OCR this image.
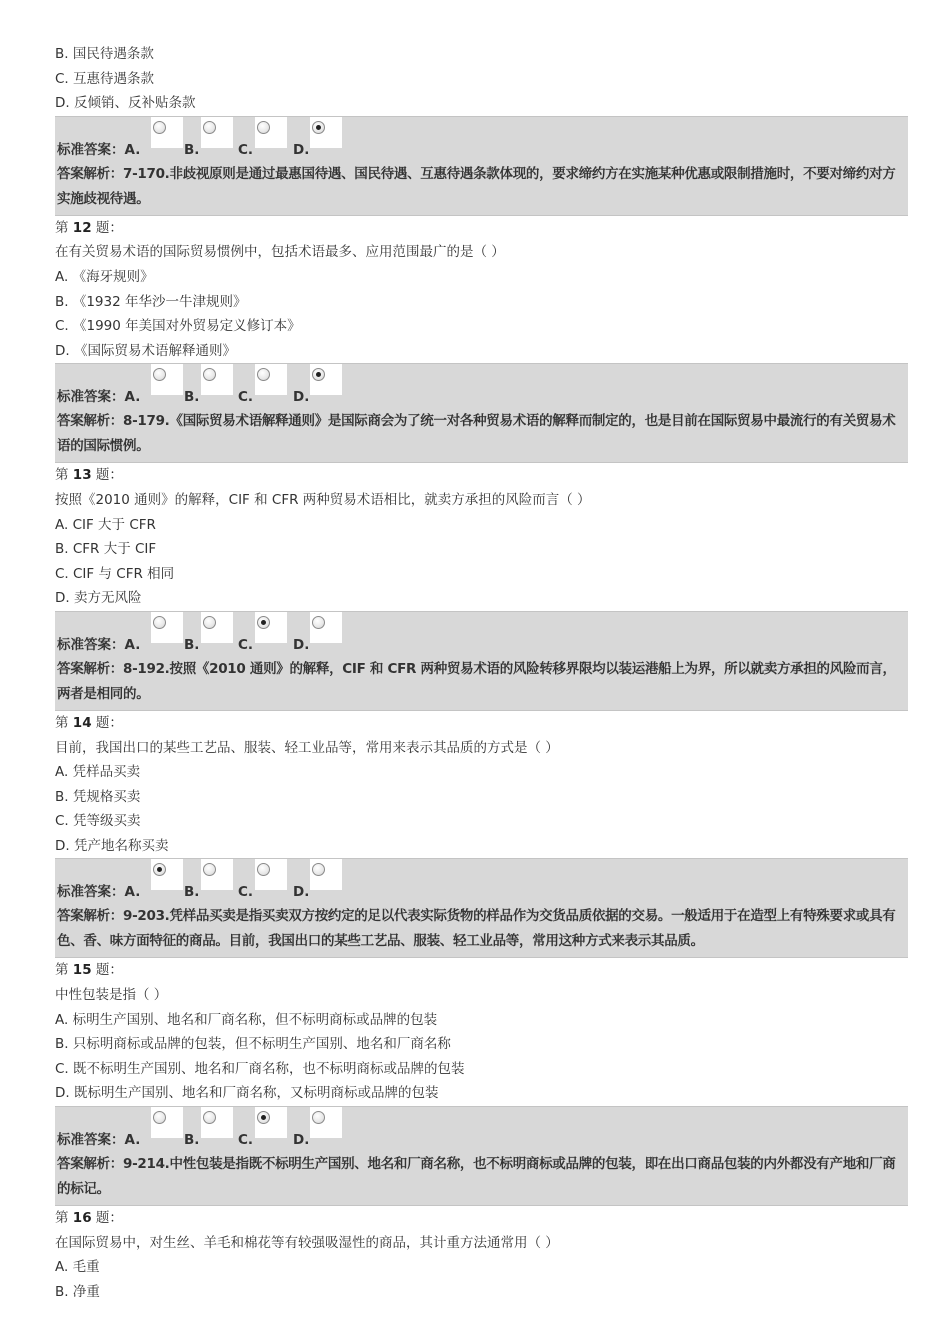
B. 国民待遇条款
C. 互惠待遇条款
D. 反倾销、反补贴条款
标准答案：A.	B.	C.	D.
答案解析：7-170.非歧视原则是通过最惠国待遇、国民待遇、互惠待遇条款体现的，要求缔约方在实施某种优惠或限制措施时，不要对缔约对方实施歧视待遇。
第 12 题：
在有关贸易术语的国际贸易惯例中，包括术语最多、应用范围最广的是（ ）
A. 《海牙规则》
B. 《1932 年华沙一牛津规则》
C. 《1990 年美国对外贸易定义修订本》
D. 《国际贸易术语解释通则》
标准答案：A.	B.	C.	D.
答案解析：8-179.《国际贸易术语解释通则》是国际商会为了统一对各种贸易术语的解释而制定的，也是目前在国际贸易中最流行的有关贸易术语的国际惯例。
第 13 题：
按照《2010 通则》的解释，CIF 和 CFR 两种贸易术语相比，就卖方承担的风险而言（ ）
A. CIF 大于 CFR
B. CFR 大于 CIF
C. CIF 与 CFR 相同
D. 卖方无风险
标准答案：A.	B.	C.	D.
答案解析：8-192.按照《2010 通则》的解释，CIF 和 CFR 两种贸易术语的风险转移界限均以装运港船上为界，所以就卖方承担的风险而言，两者是相同的。
第 14 题：
目前，我国出口的某些工艺品、服装、轻工业品等，常用来表示其品质的方式是（ ）
A. 凭样品买卖
B. 凭规格买卖
C. 凭等级买卖
D. 凭产地名称买卖
标准答案：A.	B.	C.	D.
答案解析：9-203.凭样品买卖是指买卖双方按约定的足以代表实际货物的样品作为交货品质依据的交易。一般适用于在造型上有特殊要求或具有色、香、味方面特征的商品。目前，我国出口的某些工艺品、服装、轻工业品等，常用这种方式来表示其品质。
第 15 题：
中性包装是指（ ）
A. 标明生产国别、地名和厂商名称，但不标明商标或品牌的包装
B. 只标明商标或品牌的包装，但不标明生产国别、地名和厂商名称
C. 既不标明生产国别、地名和厂商名称，也不标明商标或品牌的包装
D. 既标明生产国别、地名和厂商名称，又标明商标或品牌的包装
标准答案：A.	B.	C.	D.
答案解析：9-214.中性包装是指既不标明生产国别、地名和厂商名称，也不标明商标或品牌的包装，即在出口商品包装的内外都没有产地和厂商的标记。
第 16 题：
在国际贸易中，对生丝、羊毛和棉花等有较强吸湿性的商品，其计重方法通常用（ ）
A. 毛重
B. 净重
